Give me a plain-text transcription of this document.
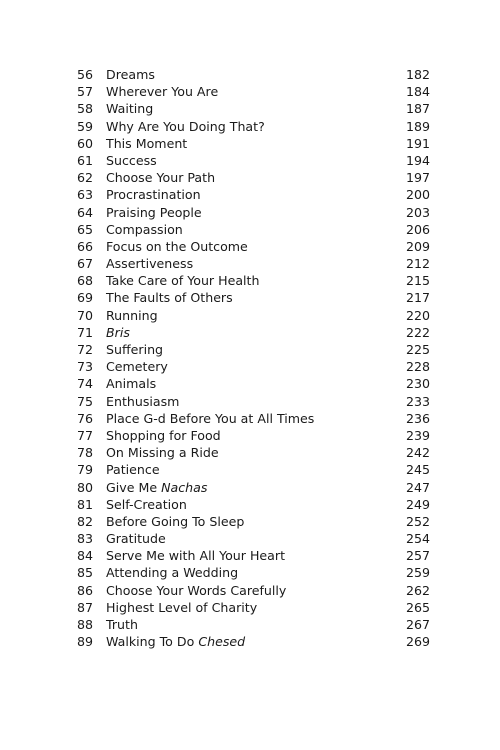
56	Dreams	182
57	Wherever You Are	184
58	Waiting	187
59	Why Are You Doing That?	189
60	This Moment	191
61	Success	194
62	Choose Your Path	197
63	Procrastination	200
64	Praising People	203
65	Compassion	206
66	Focus on the Outcome	209
67	Assertiveness	212
68	Take Care of Your Health	215
69	The Faults of Others	217
70	Running	220
71	Bris	222
72	Suffering	225
73	Cemetery	228
74	Animals	230
75	Enthusiasm	233
76	Place G-d Before You at All Times	236
77	Shopping for Food	239
78	On Missing a Ride	242
79	Patience	245
80	Give Me Nachas	247
81	Self-Creation	249
82	Before Going To Sleep	252
83	Gratitude	254
84	Serve Me with All Your Heart	257
85	Attending a Wedding	259
86	Choose Your Words Carefully	262
87	Highest Level of Charity	265
88	Truth	267
89	Walking To Do Chesed	269
